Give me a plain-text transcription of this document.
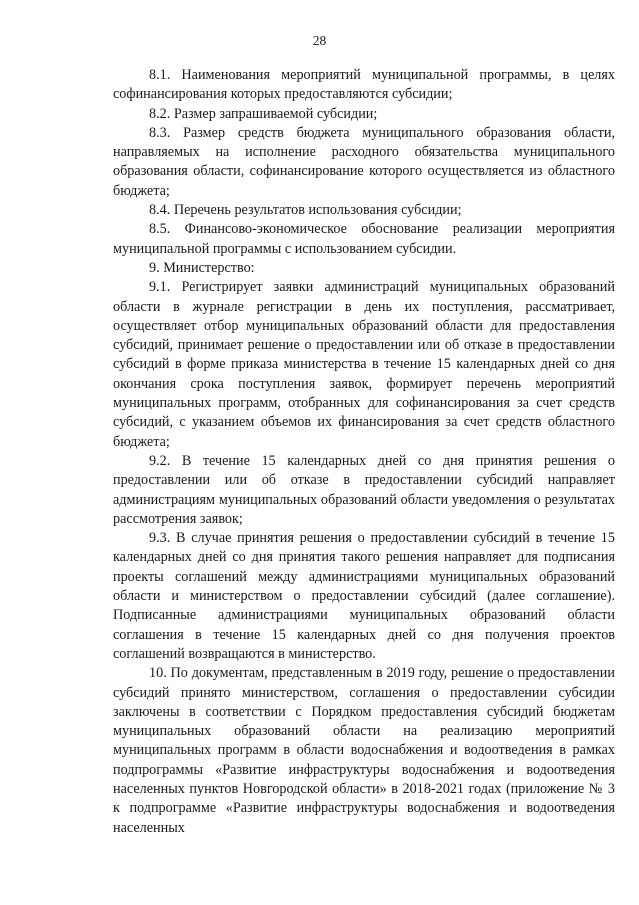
28

8.1. Наименования мероприятий муниципальной программы, в целях софинансирования которых предоставляются субсидии;

8.2. Размер запрашиваемой субсидии;

8.3. Размер средств бюджета муниципального образования области, направляемых на исполнение расходного обязательства муниципального образования области, софинансирование которого осуществляется из областного бюджета;

8.4. Перечень результатов использования субсидии;

8.5. Финансово-экономическое обоснование реализации мероприятия муниципальной программы с использованием субсидии.

9. Министерство:

9.1. Регистрирует заявки администраций муниципальных образований области в журнале регистрации в день их поступления, рассматривает, осуществляет отбор муниципальных образований области для предоставления субсидий, принимает решение о предоставлении или об отказе в предоставлении субсидий в форме приказа министерства в течение 15 календарных дней со дня окончания срока поступления заявок, формирует перечень мероприятий муниципальных программ, отобранных для софинансирования за счет средств субсидий, с указанием объемов их финансирования за счет средств областного бюджета;

9.2. В течение 15 календарных дней со дня принятия решения о предоставлении или об отказе в предоставлении субсидий направляет администрациям муниципальных образований области уведомления о результатах рассмотрения заявок;

9.3. В случае принятия решения о предоставлении субсидий в течение 15 календарных дней со дня принятия такого решения направляет для подписания проекты соглашений между администрациями муниципальных образований области и министерством о предоставлении субсидий (далее соглашение). Подписанные администрациями муниципальных образований области соглашения в течение 15 календарных дней со дня получения проектов соглашений возвращаются в министерство.

10. По документам, представленным в 2019 году, решение о предоставлении субсидий принято министерством, соглашения о предоставлении субсидии заключены в соответствии с Порядком предоставления субсидий бюджетам муниципальных образований области на реализацию мероприятий муниципальных программ в области водоснабжения и водоотведения в рамках подпрограммы «Развитие инфраструктуры водоснабжения и водоотведения населенных пунктов Новгородской области» в 2018-2021 годах (приложение № 3 к подпрограмме «Развитие инфраструктуры водоснабжения и водоотведения населенных
